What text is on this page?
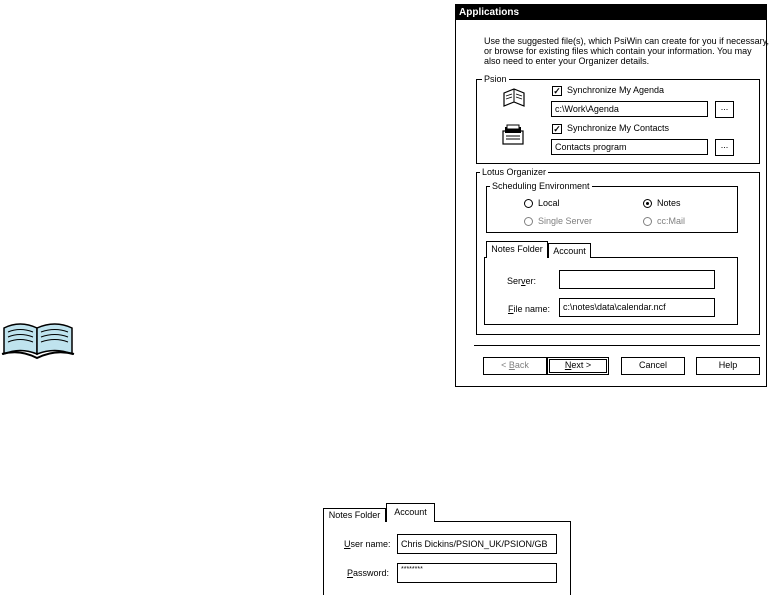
Applications
Use the suggested file(s), which PsiWin can create for you if necessary, or browse for existing files which contain your information. You may also need to enter your Organizer details.
Psion
✓ Synchronize My Agenda
c:\Work\Agenda	...
✓ Synchronize My Contacts
Contacts program	...
Lotus Organizer
Scheduling Environment
Local
Single Server
Notes
cc:Mail
Notes Folder	Account
Server:
File name:	c:\notes\data\calendar.ncf
< Back	Next >	Cancel	Help
Notes Folder	Account
User name:	Chris Dickins/PSION_UK/PSION/GB
Password:	********
